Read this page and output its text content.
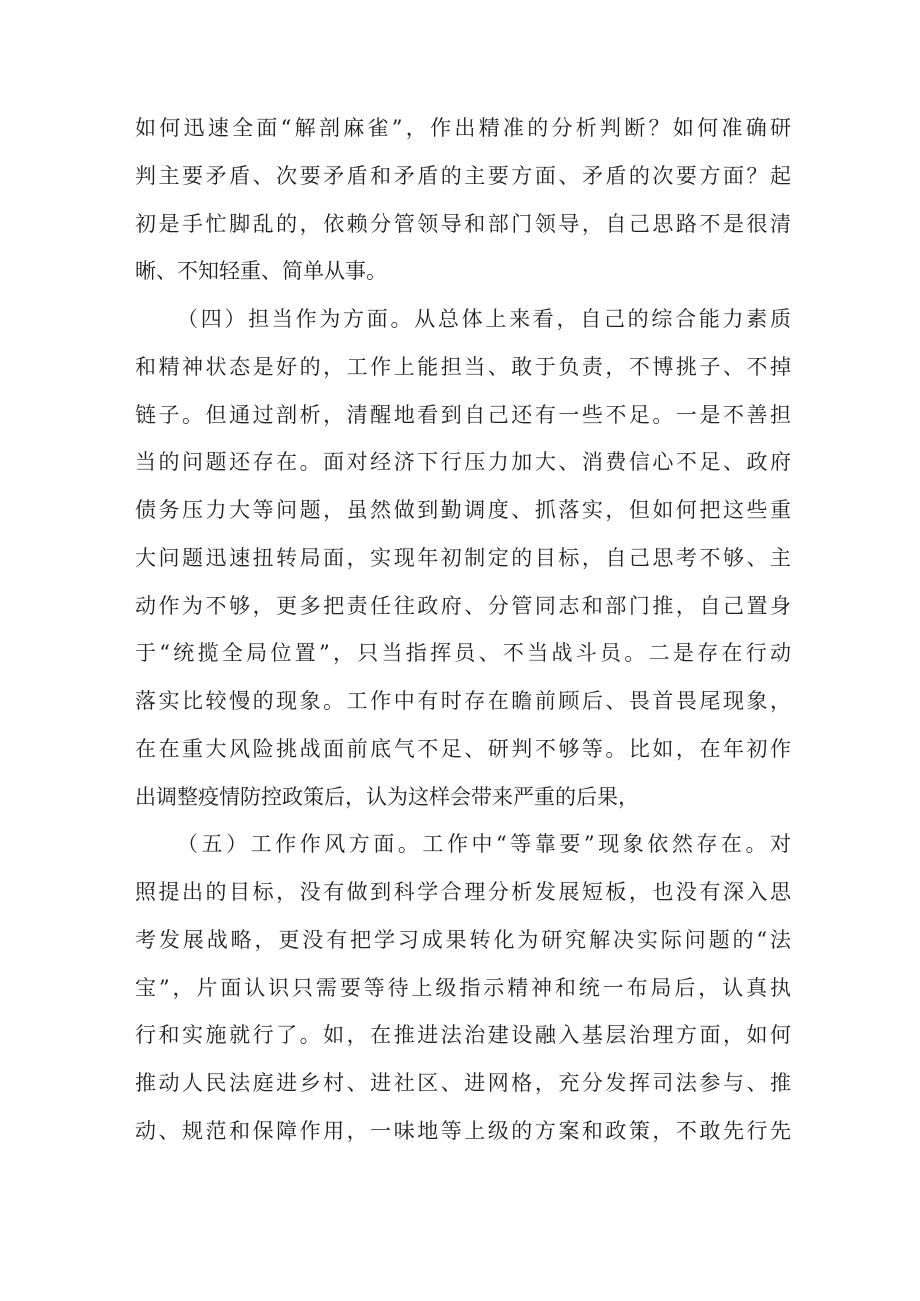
如何迅速全面“解剖麻雀”，作出精准的分析判断？如何准确研
判主要矛盾、次要矛盾和矛盾的主要方面、矛盾的次要方面？起
初是手忙脚乱的，依赖分管领导和部门领导，自己思路不是很清
晰、不知轻重、简单从事。
（四）担当作为方面。从总体上来看，自己的综合能力素质
和精神状态是好的，工作上能担当、敢于负责，不博挑子、不掉
链子。但通过剖析，清醒地看到自己还有一些不足。一是不善担
当的问题还存在。面对经济下行压力加大、消费信心不足、政府
债务压力大等问题，虽然做到勤调度、抓落实，但如何把这些重
大问题迅速扭转局面，实现年初制定的目标，自己思考不够、主
动作为不够，更多把责任往政府、分管同志和部门推，自己置身
于“统揽全局位置”，只当指挥员、不当战斗员。二是存在行动
落实比较慢的现象。工作中有时存在瞻前顾后、畏首畏尾现象，
在在重大风险挑战面前底气不足、研判不够等。比如，在年初作
出调整疫情防控政策后，认为这样会带来严重的后果，
（五）工作作风方面。工作中“等靠要”现象依然存在。对
照提出的目标，没有做到科学合理分析发展短板，也没有深入思
考发展战略，更没有把学习成果转化为研究解决实际问题的“法
宝”，片面认识只需要等待上级指示精神和统一布局后，认真执
行和实施就行了。如，在推进法治建设融入基层治理方面，如何
推动人民法庭进乡村、进社区、进网格，充分发挥司法参与、推
动、规范和保障作用，一味地等上级的方案和政策，不敢先行先
